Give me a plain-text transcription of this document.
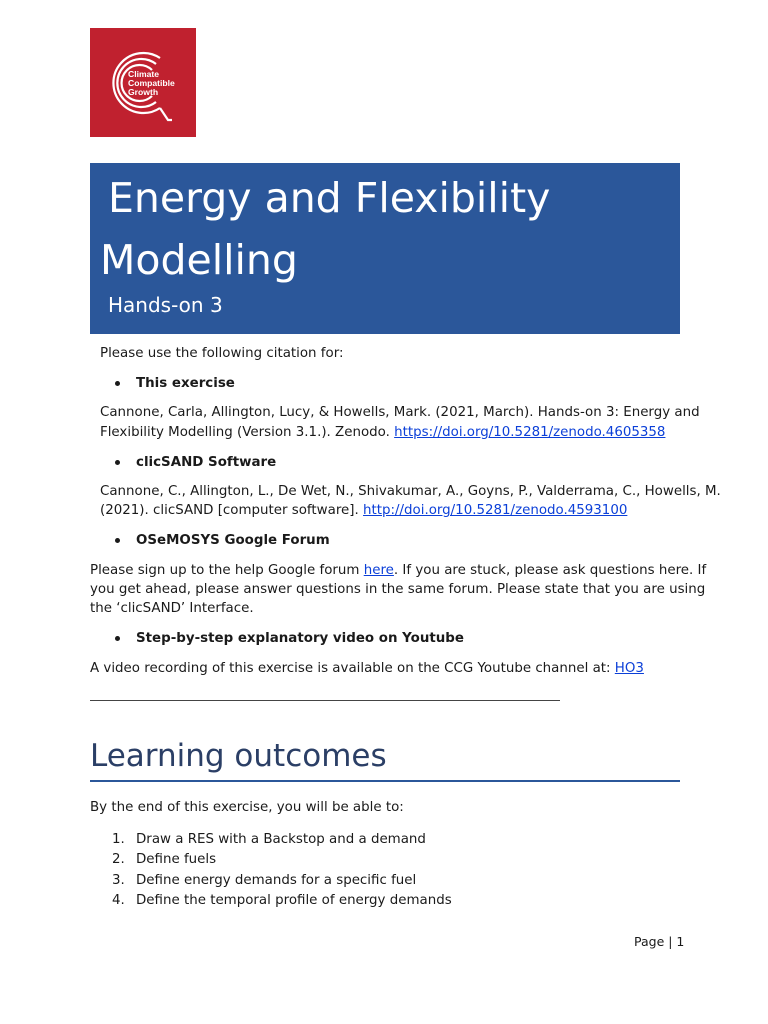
Climate
Compatible
Growth
Energy and Flexibility
Modelling
Hands-on 3
Please use the following citation for:
This exercise
Cannone, Carla, Allington, Lucy, & Howells, Mark. (2021, March). Hands-on 3: Energy and
Flexibility Modelling (Version 3.1.). Zenodo. https://doi.org/10.5281/zenodo.4605358
clicSAND Software
Cannone, C., Allington, L., De Wet, N., Shivakumar, A., Goyns, P., Valderrama, C., Howells, M.
(2021). clicSAND [computer software]. http://doi.org/10.5281/zenodo.4593100
OSeMOSYS Google Forum
Please sign up to the help Google forum here. If you are stuck, please ask questions here. If
you get ahead, please answer questions in the same forum. Please state that you are using
the ‘clicSAND’ Interface.
Step-by-step explanatory video on Youtube
A video recording of this exercise is available on the CCG Youtube channel at: HO3
Learning outcomes
By the end of this exercise, you will be able to:
1. Draw a RES with a Backstop and a demand
2. Define fuels
3. Define energy demands for a specific fuel
4. Define the temporal profile of energy demands
Page | 1
